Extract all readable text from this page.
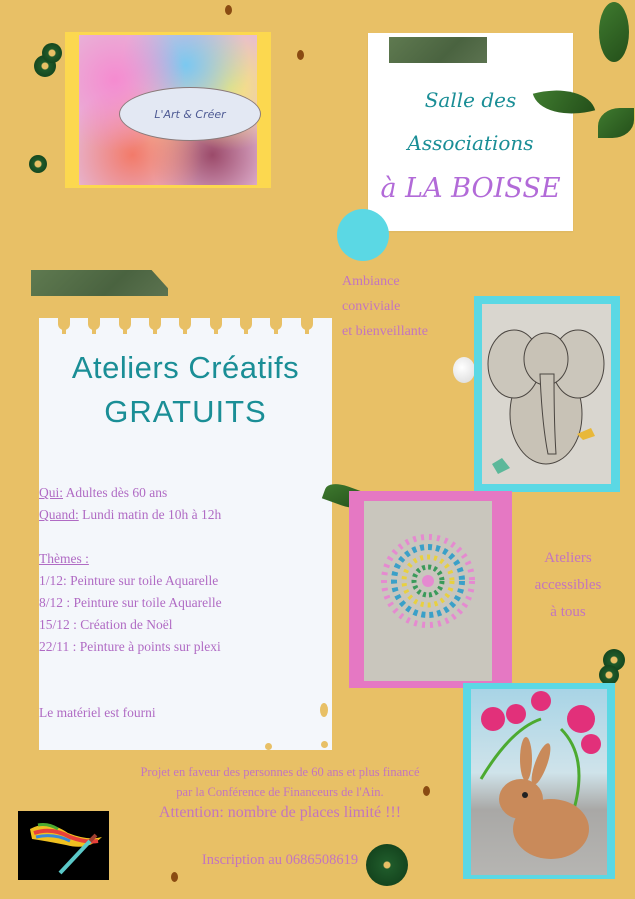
L'Art & Créer
Salle des
Associations
à LA BOISSE
Ambiance
conviviale
et bienveillante
Ateliers Créatifs
GRATUITS
Qui: Adultes dès 60 ans
Quand: Lundi matin de 10h à 12h
Thèmes :
1/12: Peinture sur toile Aquarelle
8/12 : Peinture sur toile Aquarelle
15/12 : Création de Noël
22/11 : Peinture à points sur plexi
Le matériel est fourni
Ateliers
accessibles
à tous
Projet en faveur des personnes de 60 ans et plus financé
par la Conférence de Financeurs de l'Ain.
Attention: nombre de places limité !!!
Inscription au 0686508619
